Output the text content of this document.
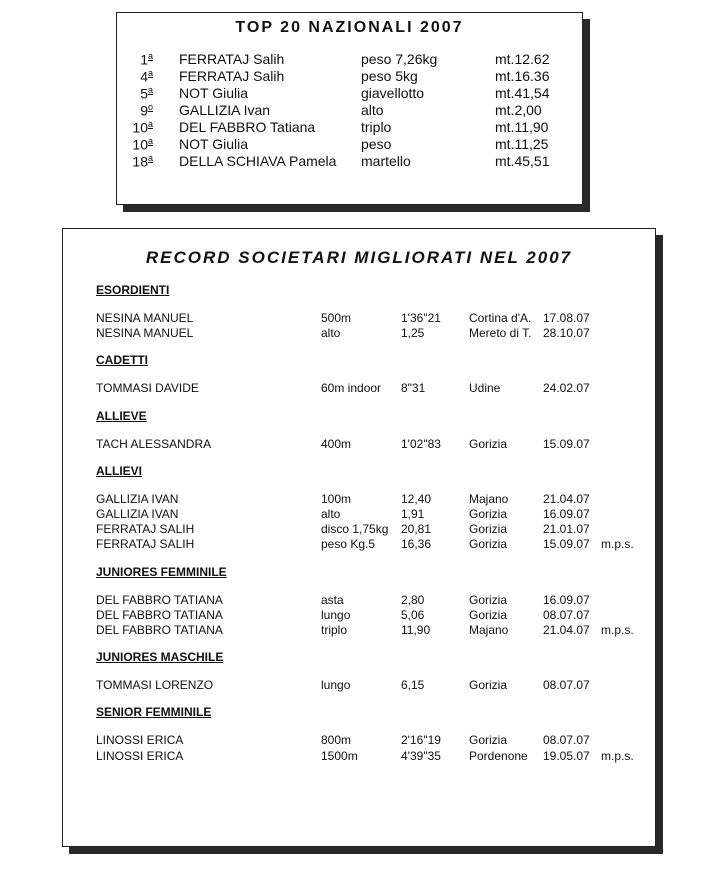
TOP 20 NAZIONALI 2007
1$^a$ FERRATAJ Salih	peso 7,26kg	mt.12.62
4$^a$ FERRATAJ Salih	peso 5kg	mt.16.36
5$^a$ NOT Giulia	giavellotto	mt.41,54
9$^o$ GALLIZIA Ivan	alto	mt.2,00
10$^a$ DEL FABBRO Tatiana	triplo	mt.11,90
10$^a$ NOT Giulia	peso	mt.11,25
18$^a$ DELLA SCHIAVA Pamela martello	mt.45,51
RECORD SOCIETARI MIGLIORATI NEL 2007
ESORDIENTI
NESINA MANUEL	500m	1'36"21 Cortina d'A. 17.08.07
NESINA MANUEL	alto	1,25	Mereto di T. 28.10.07
CADETTI
TOMMASI DAVIDE	60m indoor 8"31	Udine	24.02.07
ALLIEVE
TACH ALESSANDRA	400m	1'02"83 Gorizia	15.09.07
ALLIEVI
GALLIZIA IVAN	100m	12,40	Majano	21.04.07
GALLIZIA IVAN	alto	1,91	Gorizia	16.09.07
FERRATAJ SALIH	disco 1,75kg 20,81	Gorizia	21.01.07
FERRATAJ SALIH	peso Kg.5 16,36	Gorizia	15.09.07 m.p.s.
JUNIORES FEMMINILE
DEL FABBRO TATIANA	asta	2,80	Gorizia	16.09.07
DEL FABBRO TATIANA	lungo	5,06	Gorizia	08.07.07
DEL FABBRO TATIANA	triplo	11,90	Majano	21.04.07 m.p.s.
JUNIORES MASCHILE
TOMMASI LORENZO	lungo	6,15	Gorizia	08.07.07
SENIOR FEMMINILE
LINOSSI ERICA	800m	2'16"19 Gorizia	08.07.07
LINOSSI ERICA	1500m	4'39"35 Pordenone 19.05.07 m.p.s.
